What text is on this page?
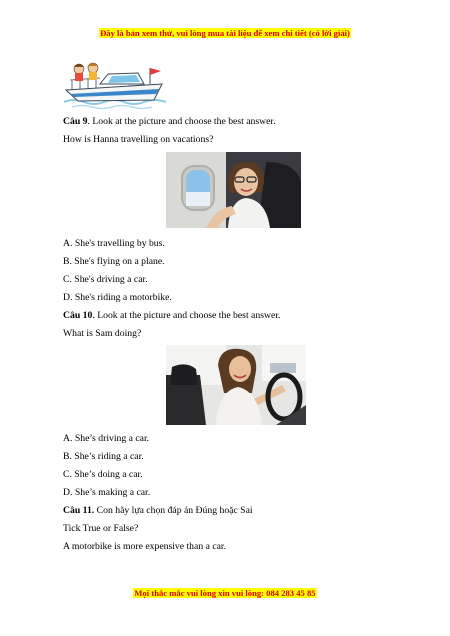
Đây là bản xem thử, vui lòng mua tài liệu để xem chi tiết (có lời giải)
Câu 9. Look at the picture and choose the best answer.
How is Hanna travelling on vacations?
A. She's travelling by bus.
B. She's flying on a plane.
C. She's driving a car.
D. She's riding a motorbike.
Câu 10. Look at the picture and choose the best answer.
What is Sam doing?
A. She’s driving a car.
B. She’s riding a car.
C. She’s doing a car.
D. She’s making a car.
Câu 11. Con hãy lựa chọn đáp án Đúng hoặc Sai
Tick True or False?
A motorbike is more expensive than a car.
Mọi thắc mắc vui lòng xin vui lòng: 084 283 45 85
